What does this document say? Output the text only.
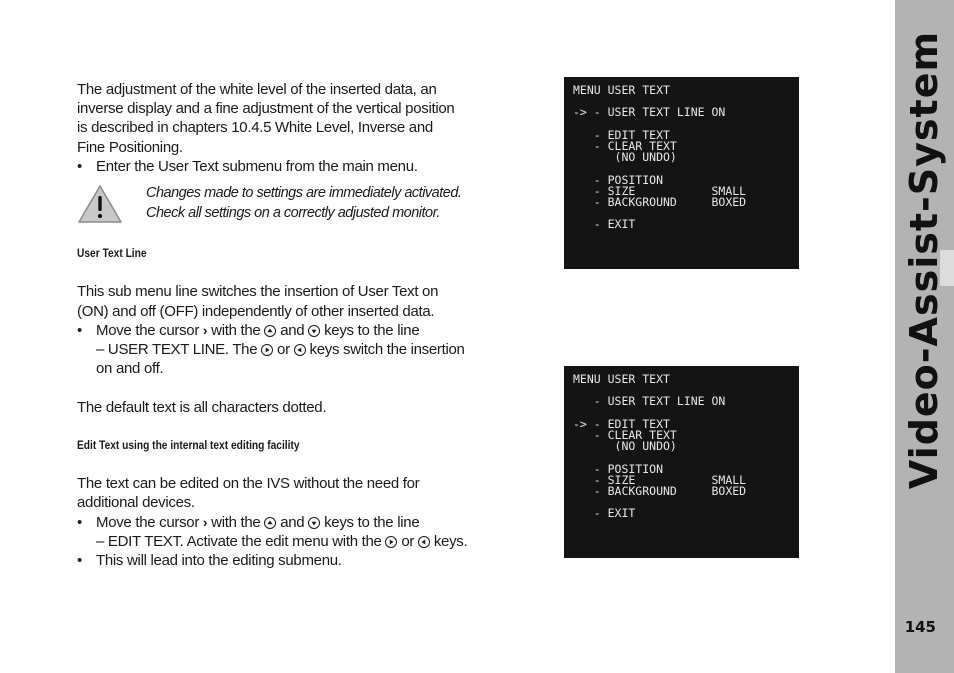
Video-Assist-System
145

The adjustment of the white level of the inserted data, an

inverse display and a fine adjustment of the vertical position

is described in chapters 10.4.5 White Level, Inverse and

Fine Positioning.

• Enter the User Text submenu from the main menu.

Changes made to settings are immediately activated.
Check all settings on a correctly adjusted monitor.

User Text Line

This sub menu line switches the insertion of User Text on

(ON) and off (OFF) independently of other inserted data.

• Move the cursor › with the and keys to the line
– USER TEXT LINE. The or keys switch the insertion
on and off.

The default text is all characters dotted.

Edit Text using the internal text editing facility

The text can be edited on the IVS without the need for

additional devices.

• Move the cursor › with the and keys to the line
– EDIT TEXT. Activate the edit menu with the or keys.

• This will lead into the editing submenu.

MENU USER TEXT
-> - USER TEXT LINE ON
- EDIT TEXT
- CLEAR TEXT
(NO UNDO)
- POSITION
- SIZE           SMALL
- BACKGROUND     BOXED
- EXIT
MENU USER TEXT
- USER TEXT LINE ON
-> - EDIT TEXT
- CLEAR TEXT
(NO UNDO)
- POSITION
- SIZE           SMALL
- BACKGROUND     BOXED
- EXIT
